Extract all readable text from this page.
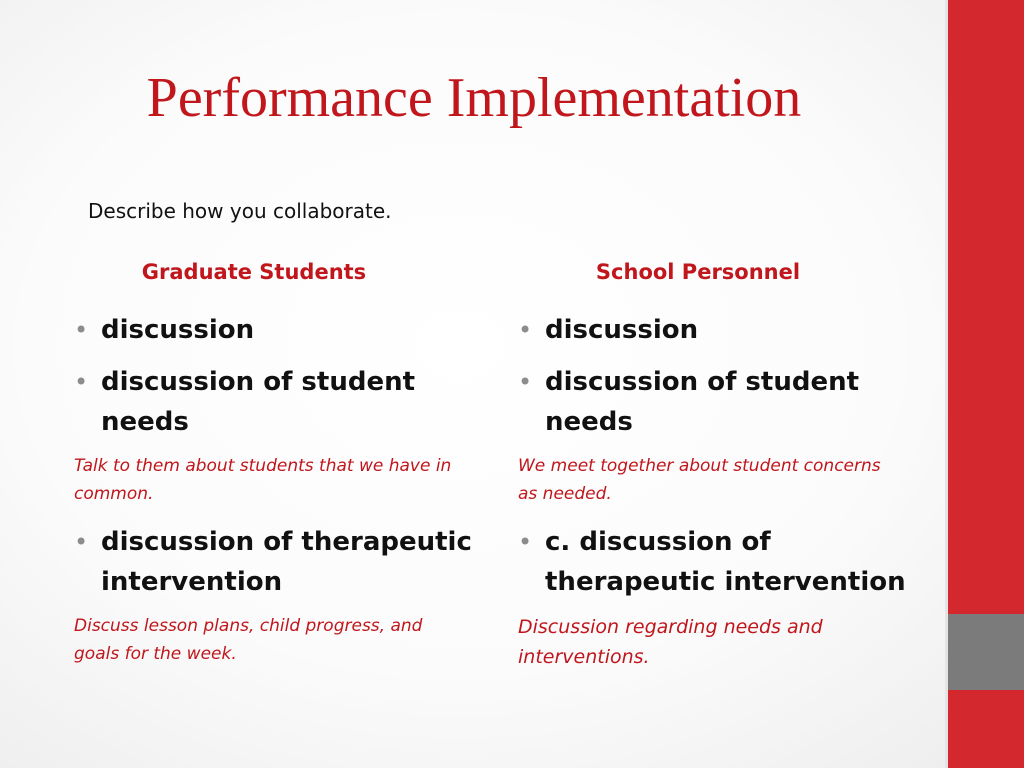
Performance Implementation
Describe how you collaborate.
Graduate Students
• discussion
• discussion of student needs
Talk to them about students that we have in common.
• discussion of therapeutic intervention
Discuss lesson plans, child progress, and goals for the week.
School Personnel
• discussion
• discussion of student needs
We meet together about student concerns as needed.
• c. discussion of therapeutic intervention
Discussion regarding needs and interventions.
